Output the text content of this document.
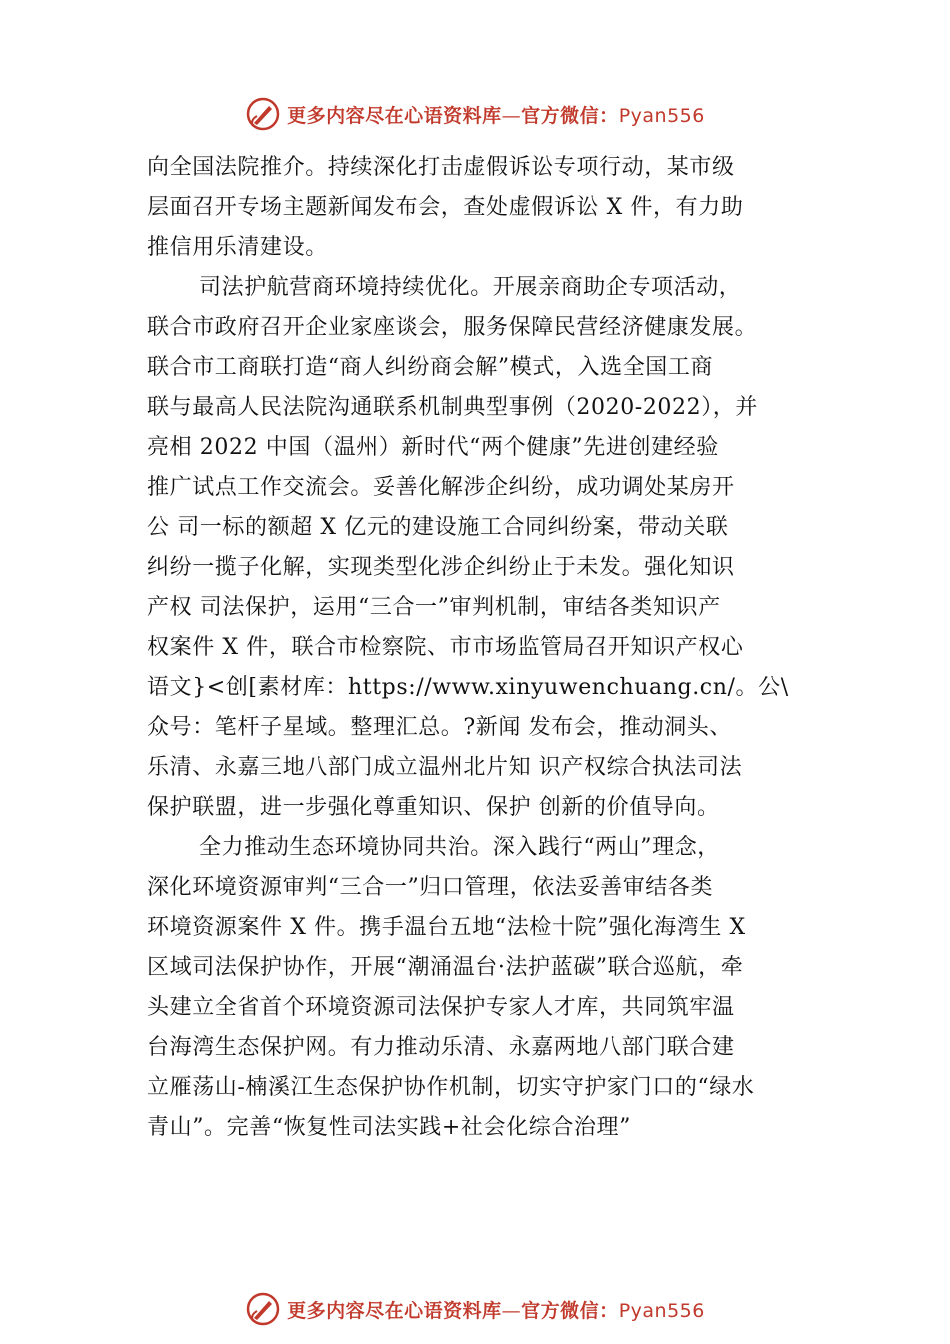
更多内容尽在心语资料库—官方微信：Pyan556
向全国法院推介。持续深化打击虚假诉讼专项行动，某市级
层面召开专场主题新闻发布会，查处虚假诉讼 X 件，有力助
推信用乐清建设。
司法护航营商环境持续优化。开展亲商助企专项活动，
联合市政府召开企业家座谈会，服务保障民营经济健康发展。
联合市工商联打造“商人纠纷商会解”模式，入选全国工商
联与最高人民法院沟通联系机制典型事例（2020-2022），并
亮相 2022 中国（温州）新时代“两个健康”先进创建经验
推广试点工作交流会。妥善化解涉企纠纷，成功调处某房开
公 司一标的额超 X 亿元的建设施工合同纠纷案，带动关联
纠纷一揽子化解，实现类型化涉企纠纷止于未发。强化知识
产权 司法保护，运用“三合一”审判机制，审结各类知识产
权案件 X 件，联合市检察院、市市场监管局召开知识产权心
语文}<创[素材库：https://www.xinyuwenchuang.cn/。公\
众号：笔杆子星域。整理汇总。?新闻 发布会，推动洞头、
乐清、永嘉三地八部门成立温州北片知 识产权综合执法司法
保护联盟，进一步强化尊重知识、保护 创新的价值导向。
全力推动生态环境协同共治。深入践行“两山”理念，
深化环境资源审判“三合一”归口管理，依法妥善审结各类
环境资源案件 X 件。携手温台五地“法检十院”强化海湾生 X
区域司法保护协作，开展“潮涌温台·法护蓝碳”联合巡航，牵
头建立全省首个环境资源司法保护专家人才库，共同筑牢温
台海湾生态保护网。有力推动乐清、永嘉两地八部门联合建
立雁荡山-楠溪江生态保护协作机制，切实守护家门口的“绿水
青山”。完善“恢复性司法实践+社会化综合治理”
更多内容尽在心语资料库—官方微信：Pyan556
